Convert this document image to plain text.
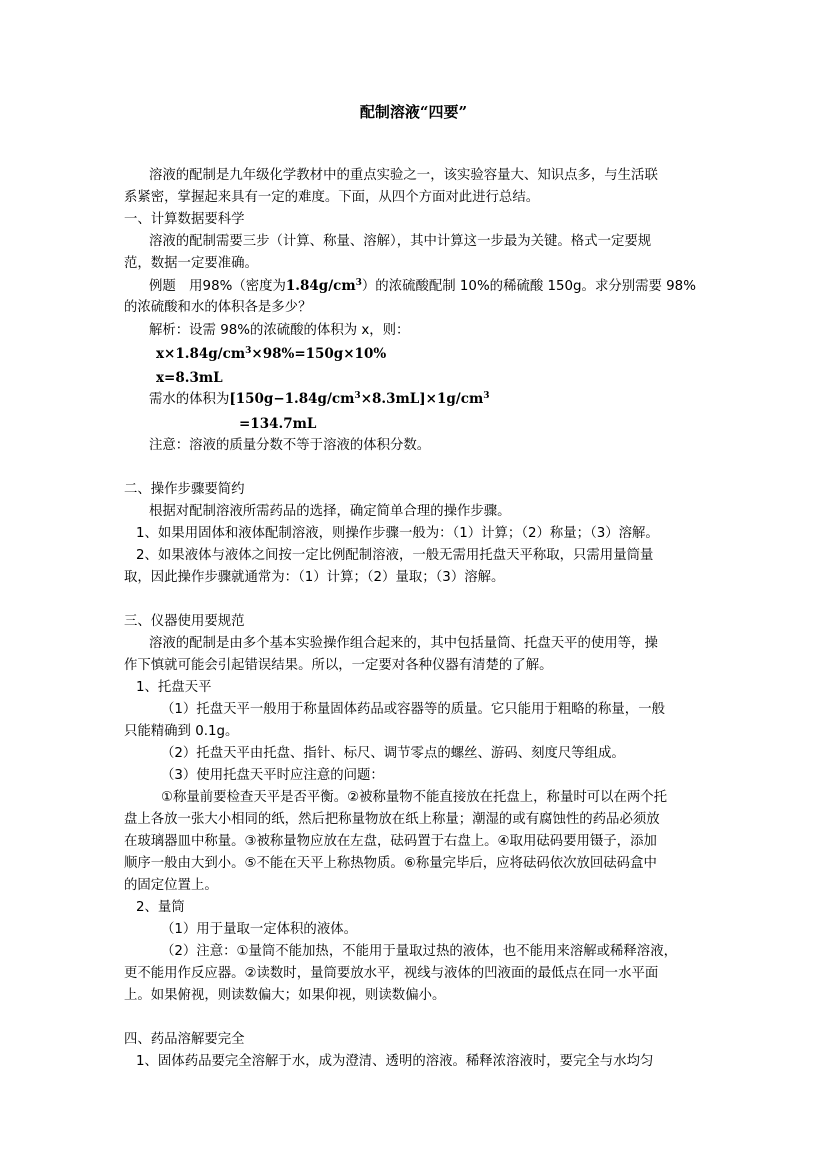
配制溶液“四要”
溶液的配制是九年级化学教材中的重点实验之一，该实验容量大、知识点多，与生活联
系紧密，掌握起来具有一定的难度。下面，从四个方面对此进行总结。
一、计算数据要科学
溶液的配制需要三步（计算、称量、溶解），其中计算这一步最为关键。格式一定要规
范，数据一定要准确。
例题　用98%（密度为$1.84g/cm^3$）的浓硫酸配制 10%的稀硫酸 150g。求分别需要 98%
的浓硫酸和水的体积各是多少？
解析：设需 98%的浓硫酸的体积为 x，则：
$x\times 1.84g/cm^3\times 98\%=150g\times 10\%$
x=8.3mL
需水的体积为$[150g-1.84g/cm^3\times 8.3mL]\times 1g/cm^3$
=134.7mL
注意：溶液的质量分数不等于溶液的体积分数。
二、操作步骤要简约
根据对配制溶液所需药品的选择，确定简单合理的操作步骤。
1、如果用固体和液体配制溶液，则操作步骤一般为：（1）计算；（2）称量；（3）溶解。
2、如果液体与液体之间按一定比例配制溶液，一般无需用托盘天平称取，只需用量筒量
取，因此操作步骤就通常为：（1）计算；（2）量取；（3）溶解。
三、仪器使用要规范
溶液的配制是由多个基本实验操作组合起来的，其中包括量筒、托盘天平的使用等，操
作下慎就可能会引起错误结果。所以，一定要对各种仪器有清楚的了解。
1、托盘天平
（1）托盘天平一般用于称量固体药品或容器等的质量。它只能用于粗略的称量，一般
只能精确到 0.1g。
（2）托盘天平由托盘、指针、标尺、调节零点的螺丝、游码、刻度尺等组成。
（3）使用托盘天平时应注意的问题：
①称量前要检查天平是否平衡。②被称量物不能直接放在托盘上，称量时可以在两个托
盘上各放一张大小相同的纸，然后把称量物放在纸上称量；潮湿的或有腐蚀性的药品必须放
在玻璃器皿中称量。③被称量物应放在左盘，砝码置于右盘上。④取用砝码要用镊子，添加
顺序一般由大到小。⑤不能在天平上称热物质。⑥称量完毕后，应将砝码依次放回砝码盒中
的固定位置上。
2、量筒
（1）用于量取一定体积的液体。
（2）注意：①量筒不能加热，不能用于量取过热的液体，也不能用来溶解或稀释溶液，
更不能用作反应器。②读数时，量筒要放水平，视线与液体的凹液面的最低点在同一水平面
上。如果俯视，则读数偏大；如果仰视，则读数偏小。
四、药品溶解要完全
1、固体药品要完全溶解于水，成为澄清、透明的溶液。稀释浓溶液时，要完全与水均匀
